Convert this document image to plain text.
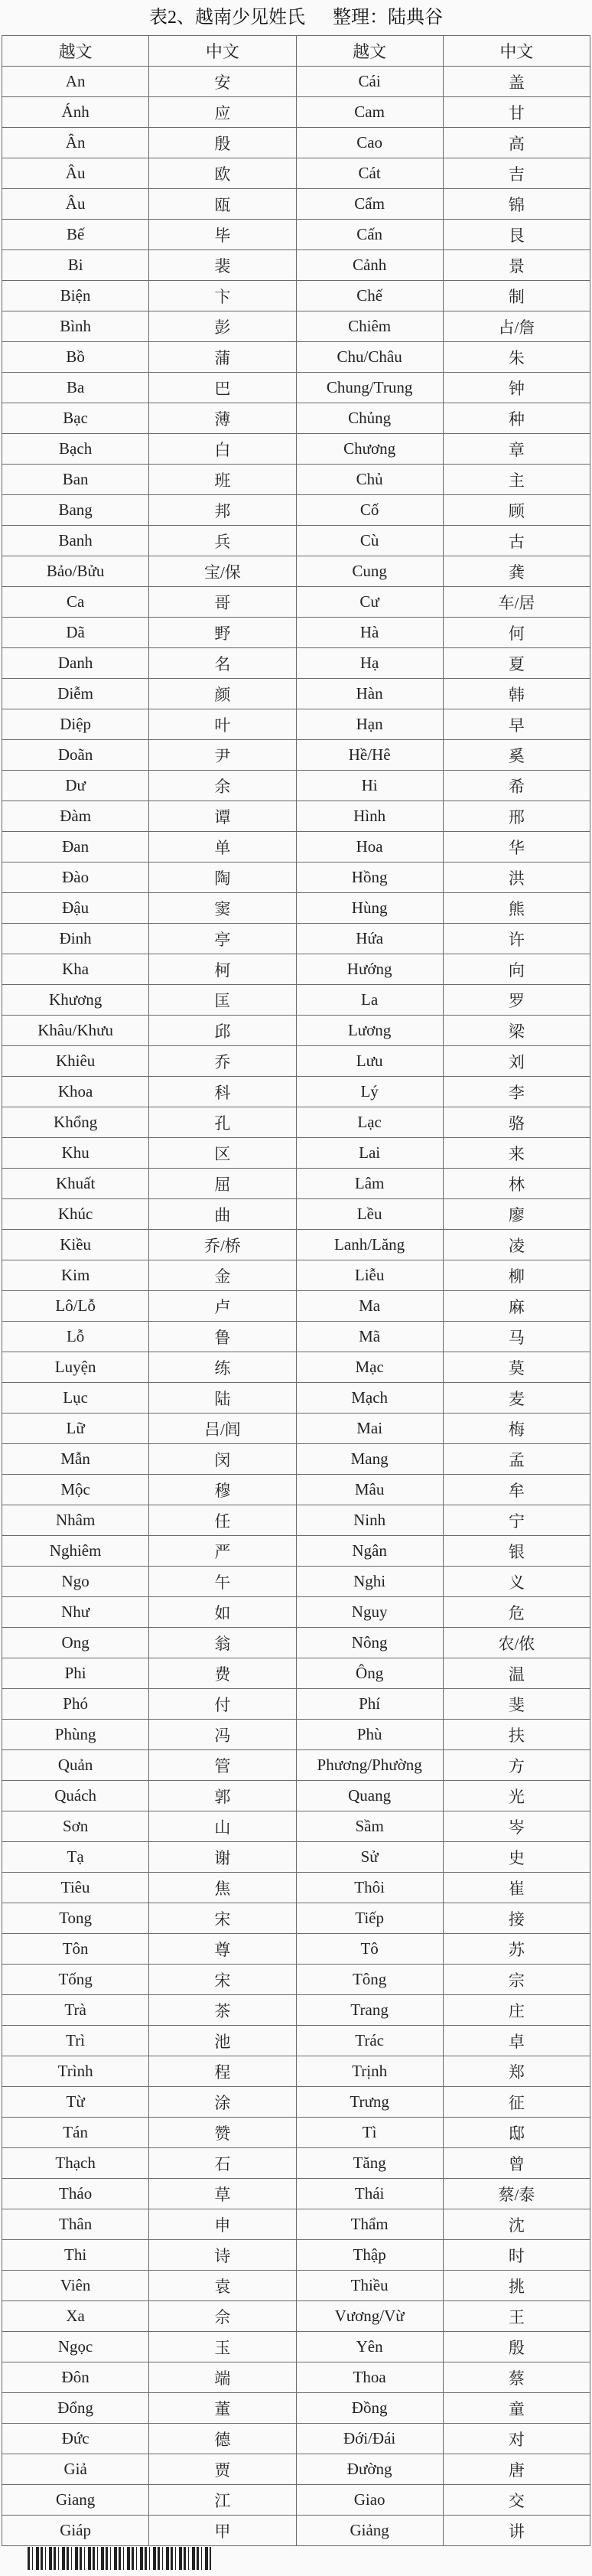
表2、越南少见姓氏      整理：陆典谷
越文	中文	越文	中文
An	安	Cái	盖
Ánh	应	Cam	甘
Ân	殷	Cao	高
Âu	欧	Cát	吉
Âu	瓯	Cẩm	锦
Bế	毕	Cấn	艮
Bi	裴	Cảnh	景
Biện	卞	Chế	制
Bình	彭	Chiêm	占/詹
Bồ	蒲	Chu/Châu	朱
Ba	巴	Chung/Trung	钟
Bạc	薄	Chủng	种
Bạch	白	Chương	章
Ban	班	Chủ	主
Bang	邦	Cố	顾
Banh	兵	Cù	古
Bảo/Bửu	宝/保	Cung	龚
Ca	哥	Cư	车/居
Dã	野	Hà	何
Danh	名	Hạ	夏
Diễm	颜	Hàn	韩
Diệp	叶	Hạn	早
Doãn	尹	Hề/Hê	奚
Dư	余	Hi	希
Đàm	谭	Hình	邢
Đan	单	Hoa	华
Đào	陶	Hồng	洪
Đậu	窦	Hùng	熊
Đinh	亭	Hứa	许
Kha	柯	Hướng	向
Khương	匡	La	罗
Khâu/Khưu	邱	Lương	梁
Khiêu	乔	Lưu	刘
Khoa	科	Lý	李
Khổng	孔	Lạc	骆
Khu	区	Lai	来
Khuất	屈	Lâm	林
Khúc	曲	Lều	廖
Kiều	乔/桥	Lanh/Lăng	凌
Kim	金	Liễu	柳
Lô/Lỗ	卢	Ma	麻
Lỗ	鲁	Mã	马
Luyện	练	Mạc	莫
Lục	陆	Mạch	麦
Lữ	吕/闾	Mai	梅
Mẫn	闵	Mang	孟
Mộc	穆	Mâu	牟
Nhâm	任	Ninh	宁
Nghiêm	严	Ngân	银
Ngo	午	Nghi	义
Như	如	Nguy	危
Ong	翁	Nông	农/侬
Phi	费	Ông	温
Phó	付	Phí	斐
Phùng	冯	Phù	扶
Quản	管	Phương/Phường	方
Quách	郭	Quang	光
Sơn	山	Sầm	岑
Tạ	谢	Sử	史
Tiêu	焦	Thôi	崔
Tong	宋	Tiếp	接
Tôn	尊	Tô	苏
Tống	宋	Tông	宗
Trà	茶	Trang	庄
Trì	池	Trác	卓
Trình	程	Trịnh	郑
Từ	涂	Trưng	征
Tán	赞	Tì	邸
Thạch	石	Tăng	曾
Tháo	草	Thái	蔡/泰
Thân	申	Thẩm	沈
Thi	诗	Thập	时
Viên	袁	Thiều	挑
Xa	佘	Vương/Vừ	王
Ngọc	玉	Yên	殷
Đôn	端	Thoa	蔡
Đổng	董	Đồng	童
Đức	德	Đới/Đái	对
Giả	贾	Đường	唐
Giang	江	Giao	交
Giáp	甲	Giảng	讲
